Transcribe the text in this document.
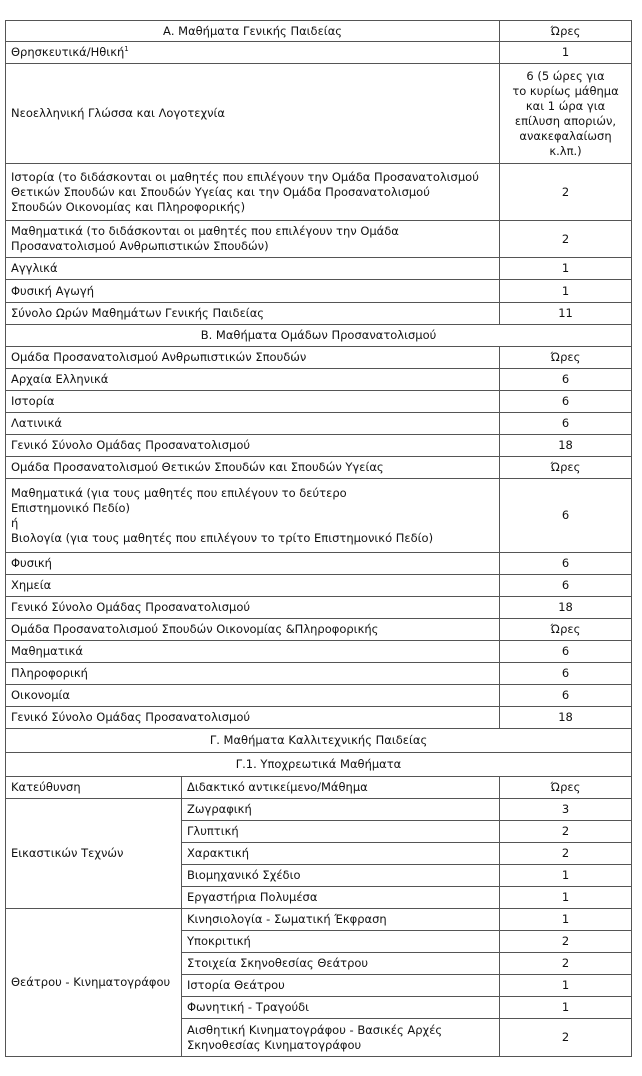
Α. Μαθήματα Γενικής Παιδείας		Ώρες
Θρησκευτικά/Ηθική$^1$		1
Νεοελληνική Γλώσσα και Λογοτεχνία		6 (5 ώρες για
το κυρίως μάθημα
και 1 ώρα για
επίλυση απoριών,
ανακεφαλαίωση κ.λπ.)
Ιστορία (το διδάσκονται οι μαθητές που επιλέγουν την Ομάδα Προσανατολισμού
Θετικών Σπουδών και Σπουδών Υγείας και την Ομάδα Προσανατολισμού
Σπουδών Οικονομίας και Πληροφορικής)		2
Μαθηματικά (το διδάσκονται οι μαθητές που επιλέγουν την Ομάδα
Προσανατολισμού Ανθρωπιστικών Σπουδών)		2
Αγγλικά		1
Φυσική Αγωγή		1
Σύνολο Ωρών Μαθημάτων Γενικής Παιδείας		11
Β. Μαθήματα Ομάδων Προσανατολισμού		
Ομάδα Προσανατολισμού Ανθρωπιστικών Σπουδών		Ώρες
Αρχαία Ελληνικά		6
Ιστορία		6
Λατινικά		6
Γενικό Σύνολο Ομάδας Προσανατολισμού		18
Ομάδα Προσανατολισμού Θετικών Σπουδών και Σπουδών Υγείας		Ώρες
Μαθηματικά (για τους μαθητές που επιλέγουν το δεύτερο
Επιστημονικό Πεδίο)
ή
Βιολογία (για τους μαθητές που επιλέγουν το τρίτο Επιστημονικό Πεδίο)		6
Φυσική		6
Χημεία		6
Γενικό Σύνολο Ομάδας Προσανατολισμού		18
Ομάδα Προσανατολισμού Σπουδών Οικονομίας &Πληροφορικής		Ώρες
Μαθηματικά		6
Πληροφορική		6
Οικονομία		6
Γενικό Σύνολο Ομάδας Προσανατολισμού		18
Γ. Μαθήματα Καλλιτεχνικής Παιδείας		
Γ.1. Υποχρεωτικά Μαθήματα		
Κατεύθυνση	Διδακτικό αντικείμενο/Μάθημα	Ώρες
Εικαστικών Τεχνών	Ζωγραφική	3
	Γλυπτική	2
	Χαρακτική	2
	Βιομηχανικό Σχέδιο	1
	Εργαστήρια Πολυμέσα	1
Θεάτρου - Κινηματογράφου	Κινησιολογία - Σωματική Έκφραση	1
	Υποκριτική	2
	Στοιχεία Σκηνοθεσίας Θεάτρου	2
	Ιστορία Θεάτρου	1
	Φωνητική - Τραγούδι	1
	Αισθητική Κινηματογράφου - Βασικές Αρχές
Σκηνοθεσίας Κινηματογράφου	2
